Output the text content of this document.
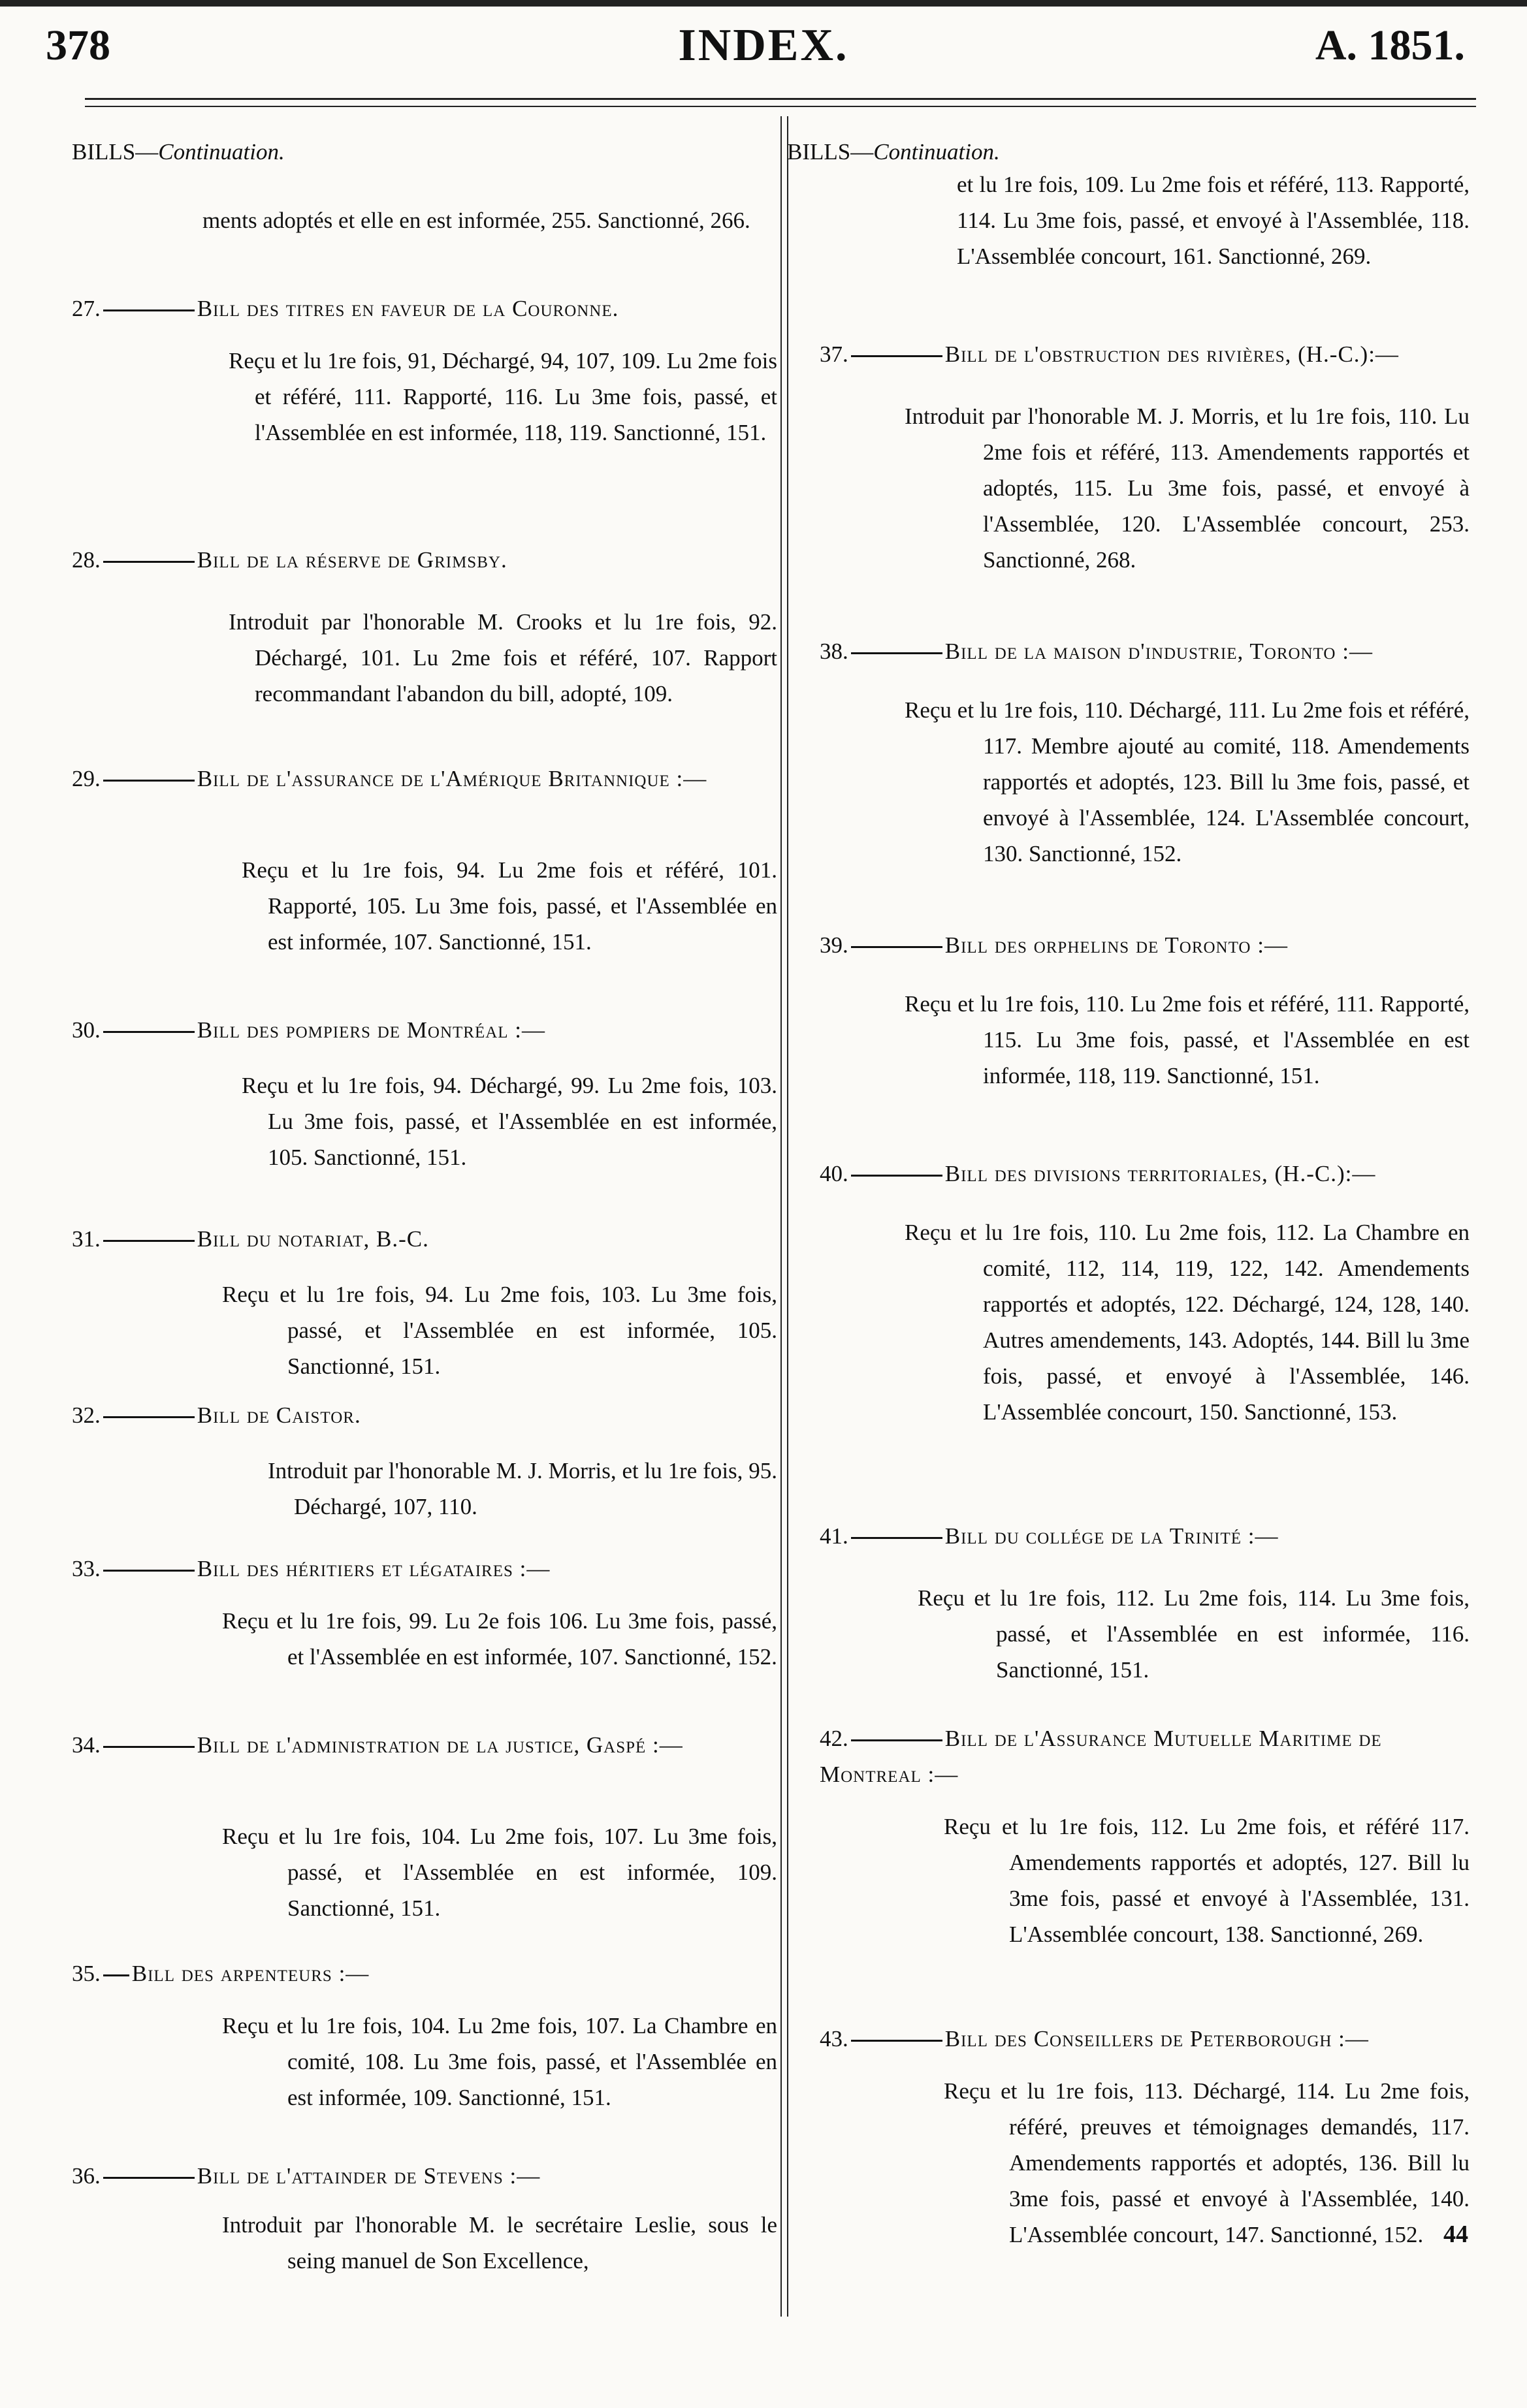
378	INDEX.	A. 1851.
BILLS—Continuation.
ments adoptés et elle en est informée, 255. Sanctionné, 266.
27.	Bill des titres en faveur de la Couronne.
Reçu et lu 1re fois, 91, Déchargé, 94, 107, 109. Lu 2me fois et référé, 111. Rapporté, 116. Lu 3me fois, passé, et l'Assemblée en est informée, 118, 119. Sanctionné, 151.
28.	Bill de la réserve de Grimsby.
Introduit par l'honorable M. Crooks et lu 1re fois, 92. Déchargé, 101. Lu 2me fois et référé, 107. Rapport recommandant l'abandon du bill, adopté, 109.
29.	Bill de l'assurance de l'Amérique Britannique :—
Reçu et lu 1re fois, 94. Lu 2me fois et référé, 101. Rapporté, 105. Lu 3me fois, passé, et l'Assemblée en est informée, 107. Sanctionné, 151.
30.	Bill des pompiers de Montréal :—
Reçu et lu 1re fois, 94. Déchargé, 99. Lu 2me fois, 103. Lu 3me fois, passé, et l'Assemblée en est informée, 105. Sanctionné, 151.
31.	Bill du notariat, B.-C.
Reçu et lu 1re fois, 94. Lu 2me fois, 103. Lu 3me fois, passé, et l'Assemblée en est informée, 105. Sanctionné, 151.
32.	Bill de Caistor.
Introduit par l'honorable M. J. Morris, et lu 1re fois, 95. Déchargé, 107, 110.
33.	Bill des héritiers et légataires :—
Reçu et lu 1re fois, 99. Lu 2e fois 106. Lu 3me fois, passé, et l'Assemblée en est informée, 107. Sanctionné, 152.
34.	Bill de l'administration de la justice, Gaspé :—
Reçu et lu 1re fois, 104. Lu 2me fois, 107. Lu 3me fois, passé, et l'Assemblée en est informée, 109. Sanctionné, 151.
35. Bill des arpenteurs :—
Reçu et lu 1re fois, 104. Lu 2me fois, 107. La Chambre en comité, 108. Lu 3me fois, passé, et l'Assemblée en est informée, 109. Sanctionné, 151.
36.	Bill de l'attainder de Stevens :—
Introduit par l'honorable M. le secrétaire Leslie, sous le seing manuel de Son Excellence,
BILLS—Continuation.
et lu 1re fois, 109. Lu 2me fois et référé, 113. Rapporté, 114. Lu 3me fois, passé, et envoyé à l'Assemblée, 118. L'Assemblée concourt, 161. Sanctionné, 269.
37.	Bill de l'obstruction des rivières, (H.-C.):—
Introduit par l'honorable M. J. Morris, et lu 1re fois, 110. Lu 2me fois et référé, 113. Amendements rapportés et adoptés, 115. Lu 3me fois, passé, et envoyé à l'Assemblée, 120. L'Assemblée concourt, 253. Sanctionné, 268.
38.	Bill de la maison d'industrie, Toronto :—
Reçu et lu 1re fois, 110. Déchargé, 111. Lu 2me fois et référé, 117. Membre ajouté au comité, 118. Amendements rapportés et adoptés, 123. Bill lu 3me fois, passé, et envoyé à l'Assemblée, 124. L'Assemblée concourt, 130. Sanctionné, 152.
39.	Bill des orphelins de Toronto :—
Reçu et lu 1re fois, 110. Lu 2me fois et référé, 111. Rapporté, 115. Lu 3me fois, passé, et l'Assemblée en est informée, 118, 119. Sanctionné, 151.
40.	Bill des divisions territoriales, (H.-C.):—
Reçu et lu 1re fois, 110. Lu 2me fois, 112. La Chambre en comité, 112, 114, 119, 122, 142. Amendements rapportés et adoptés, 122. Déchargé, 124, 128, 140. Autres amendements, 143. Adoptés, 144. Bill lu 3me fois, passé, et envoyé à l'Assemblée, 146. L'Assemblée concourt, 150. Sanctionné, 153.
41.	Bill du collége de la Trinité :—
Reçu et lu 1re fois, 112. Lu 2me fois, 114. Lu 3me fois, passé, et l'Assemblée en est informée, 116. Sanctionné, 151.
42.	Bill de l'Assurance Mutuelle Maritime de Montreal :—
Reçu et lu 1re fois, 112. Lu 2me fois, et référé 117. Amendements rapportés et adoptés, 127. Bill lu 3me fois, passé et envoyé à l'Assemblée, 131. L'Assemblée concourt, 138. Sanctionné, 269.
43.	Bill des Conseillers de Peterborough :—
Reçu et lu 1re fois, 113. Déchargé, 114. Lu 2me fois, référé, preuves et témoignages demandés, 117. Amendements rapportés et adoptés, 136. Bill lu 3me fois, passé et envoyé à l'Assemblée, 140. L'Assemblée concourt, 147. Sanctionné, 152. 44
